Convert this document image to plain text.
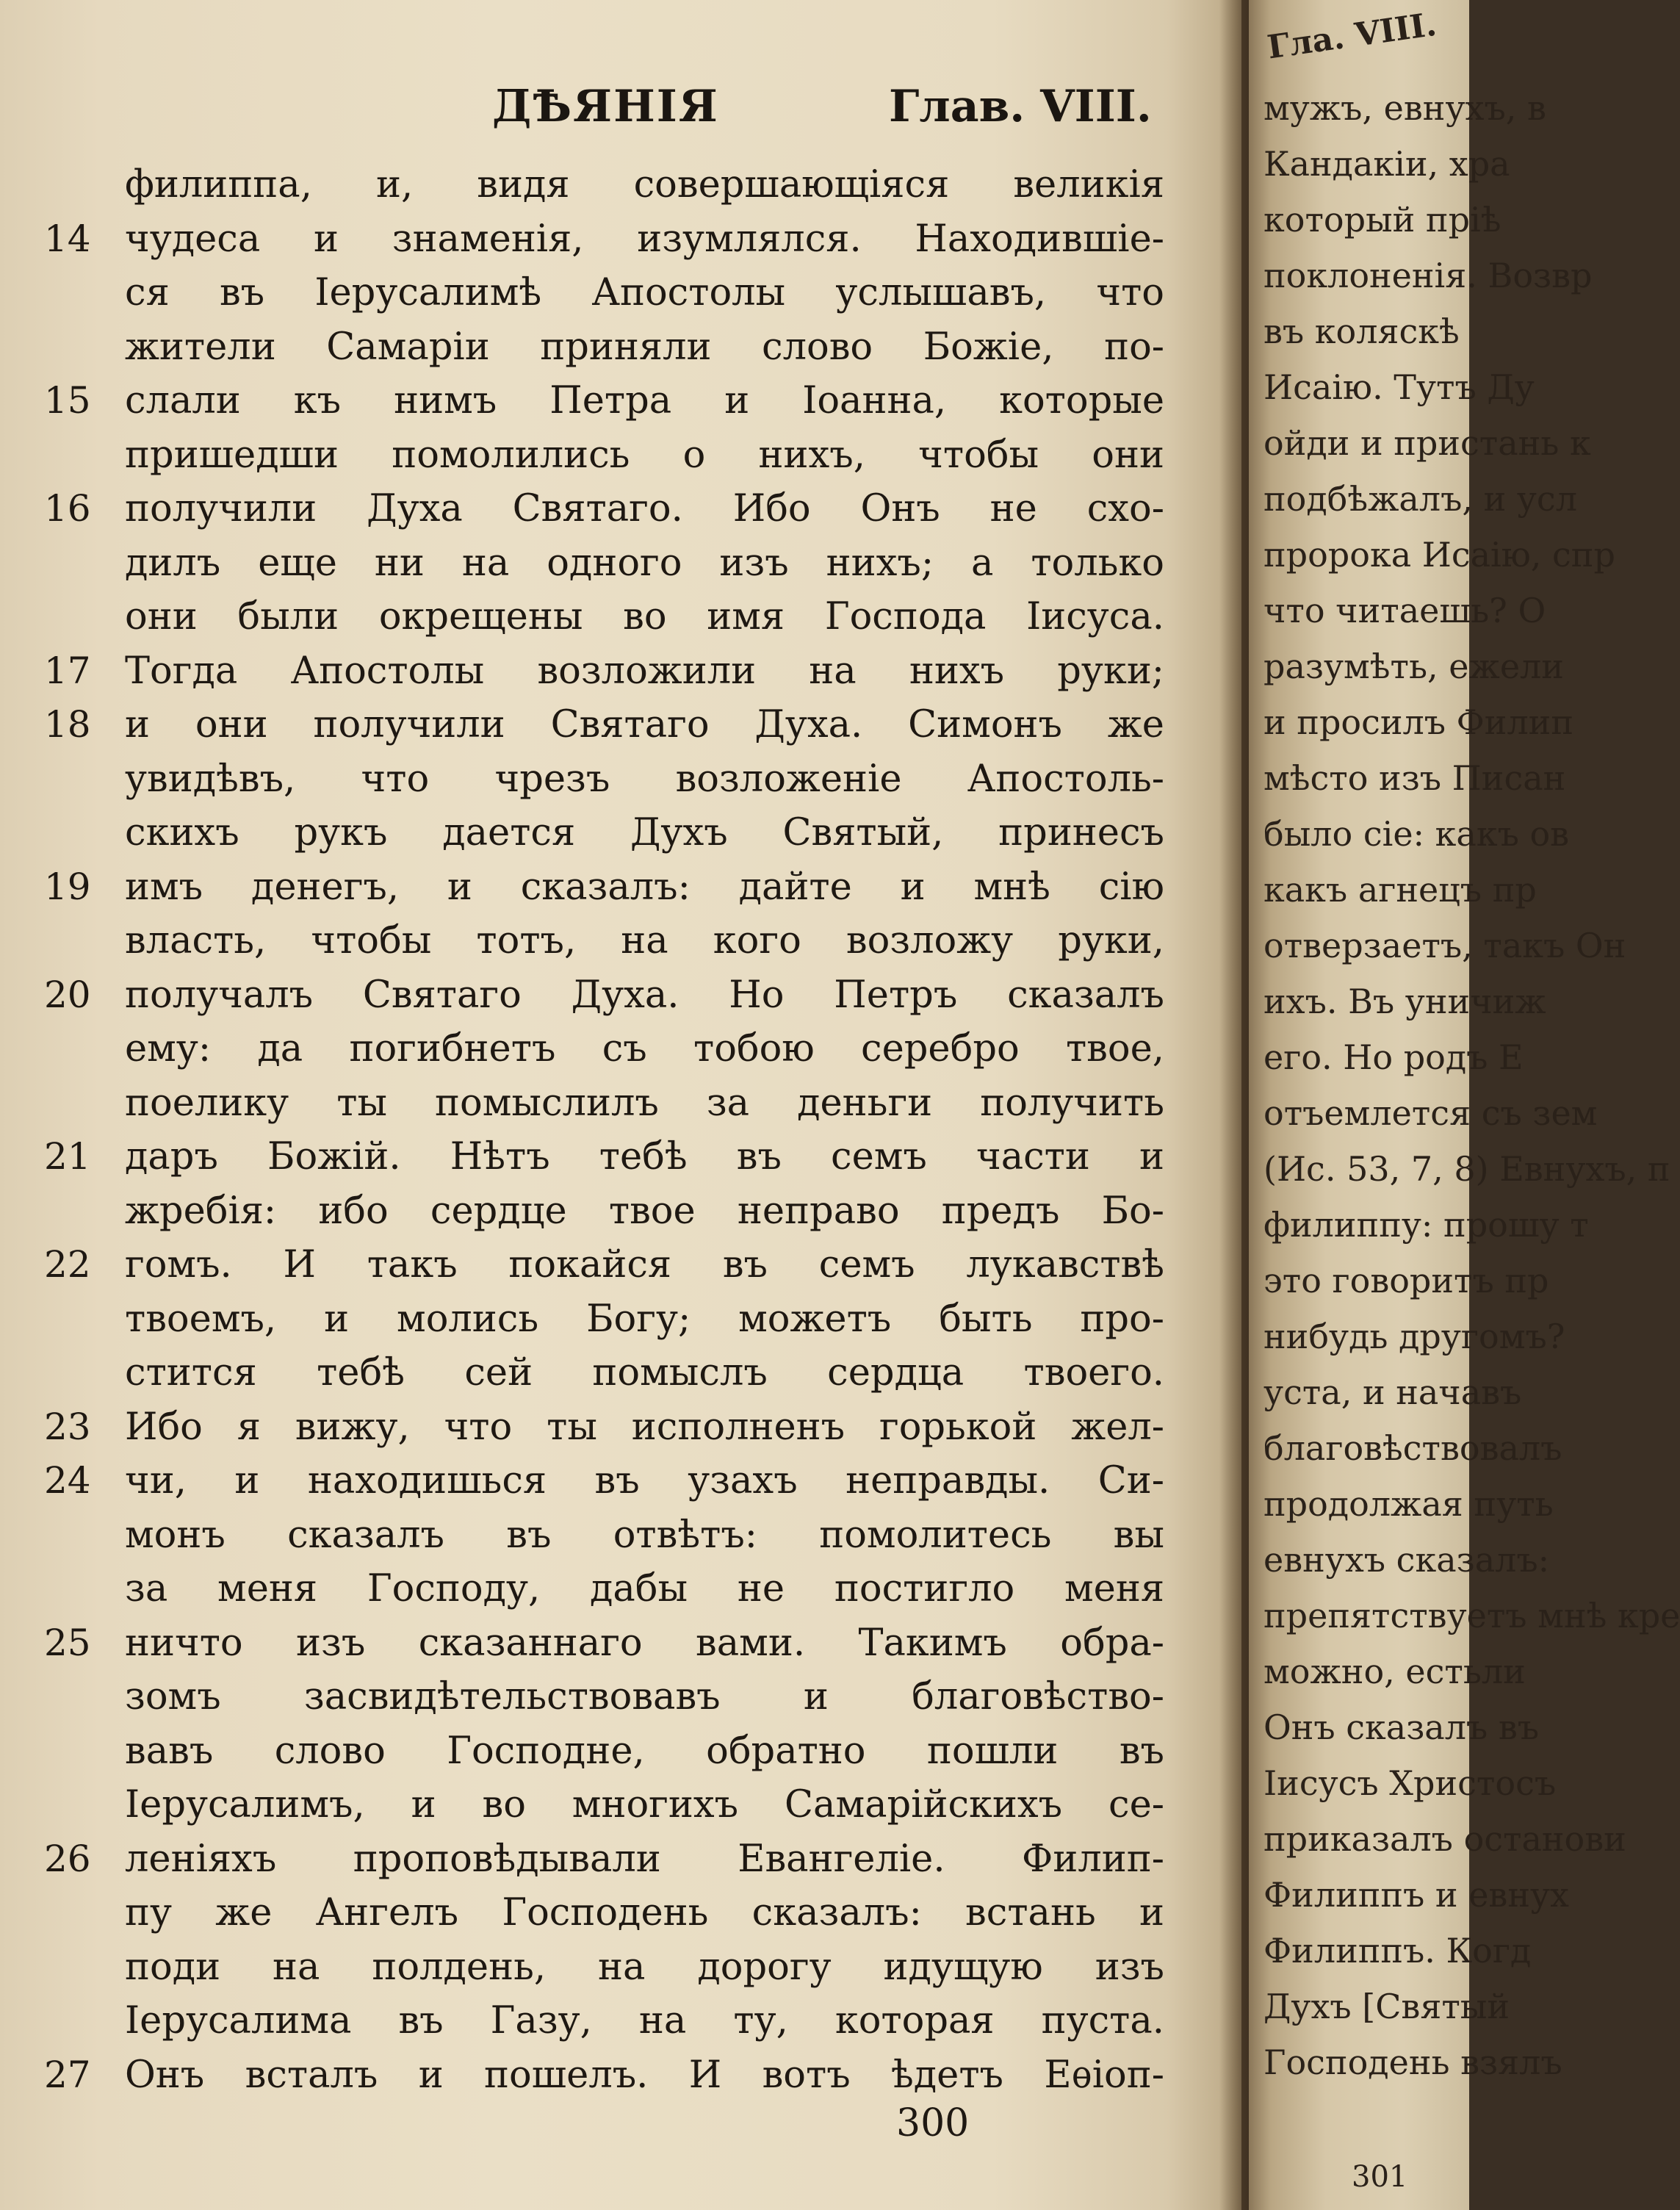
ДѢЯНІЯ	Глав. VIII.
филиппа, и, видя совершающіяся великія
14 чудеса и знаменія, изумлялся. Находившіе-
ся въ Іерусалимѣ Апостолы услышавъ, что
жители Самаріи приняли слово Божіе, по-
15 слали къ нимъ Петра и Іоанна, которые
пришедши помолились о нихъ, чтобы они
16 получили Духа Святаго. Ибо Онъ не схо-
дилъ еще ни на одного изъ нихъ; а только
они были окрещены во имя Господа Іисуса.
17 Тогда Апостолы возложили на нихъ руки;
18 и они получили Святаго Духа. Симонъ же
увидѣвъ, что чрезъ возложеніе Апостоль-
скихъ рукъ дается Духъ Святый, принесъ
19 имъ денегъ, и сказалъ: дайте и мнѣ сію
власть, чтобы тотъ, на кого возложу руки,
20 получалъ Святаго Духа. Но Петръ сказалъ
ему: да погибнетъ съ тобою серебро твое,
поелику ты помыслилъ за деньги получить
21 даръ Божій. Нѣтъ тебѣ въ семъ части и
жребія: ибо сердце твое неправо предъ Бо-
22 гомъ. И такъ покайся въ семъ лукавствѣ
твоемъ, и молись Богу; можетъ быть про-
стится тебѣ сей помыслъ сердца твоего.
23 Ибо я вижу, что ты исполненъ горькой жел-
24 чи, и находишься въ узахъ неправды. Си-
монъ сказалъ въ отвѣтъ: помолитесь вы
за меня Господу, дабы не постигло меня
25 ничто изъ сказаннаго вами. Такимъ обра-
зомъ засвидѣтельствовавъ и благовѣство-
вавъ слово Господне, обратно пошли въ
Іерусалимъ, и во многихъ Самарійскихъ се-
26 леніяхъ проповѣдывали Евангеліе. Филип-
пу же Ангелъ Господень сказалъ: встань и
поди на полдень, на дорогу идущую изъ
Іерусалима въ Газу, на ту, которая пуста.
27 Онъ всталъ и пошелъ. И вотъ ѣдетъ Еѳіоп-
300
Гла. VIII.
301
мужъ, евнухъ, в
Кандакіи, хра
который пріѣ
поклоненія. Возвр
въ коляскѣ
Исаію. Тутъ Ду
ойди и пристань к
подбѣжалъ, и усл
пророка Исаію, спр
что читаешь? О
разумѣть, ежели
и просилъ Филип
мѣсто изъ Писан
было сіе: какъ ов
какъ агнецъ пр
отверзаетъ, такъ Он
ихъ. Въ уничиж
его. Но родъ Е
отъемлется съ зем
(Ис. 53, 7, 8) Евнухъ, п
филиппу: прошу т
это говоритъ пр
нибудь другомъ?
уста, и начавъ
благовѣствовалъ
продолжая путь
евнухъ сказалъ:
препятствуетъ мнѣ кре
можно, естьли
Онъ сказалъ въ
Іисусъ Христосъ
приказалъ останови
Филиппъ и евнух
Филиппъ. Когд
Духъ [Святый
Господень взялъ
